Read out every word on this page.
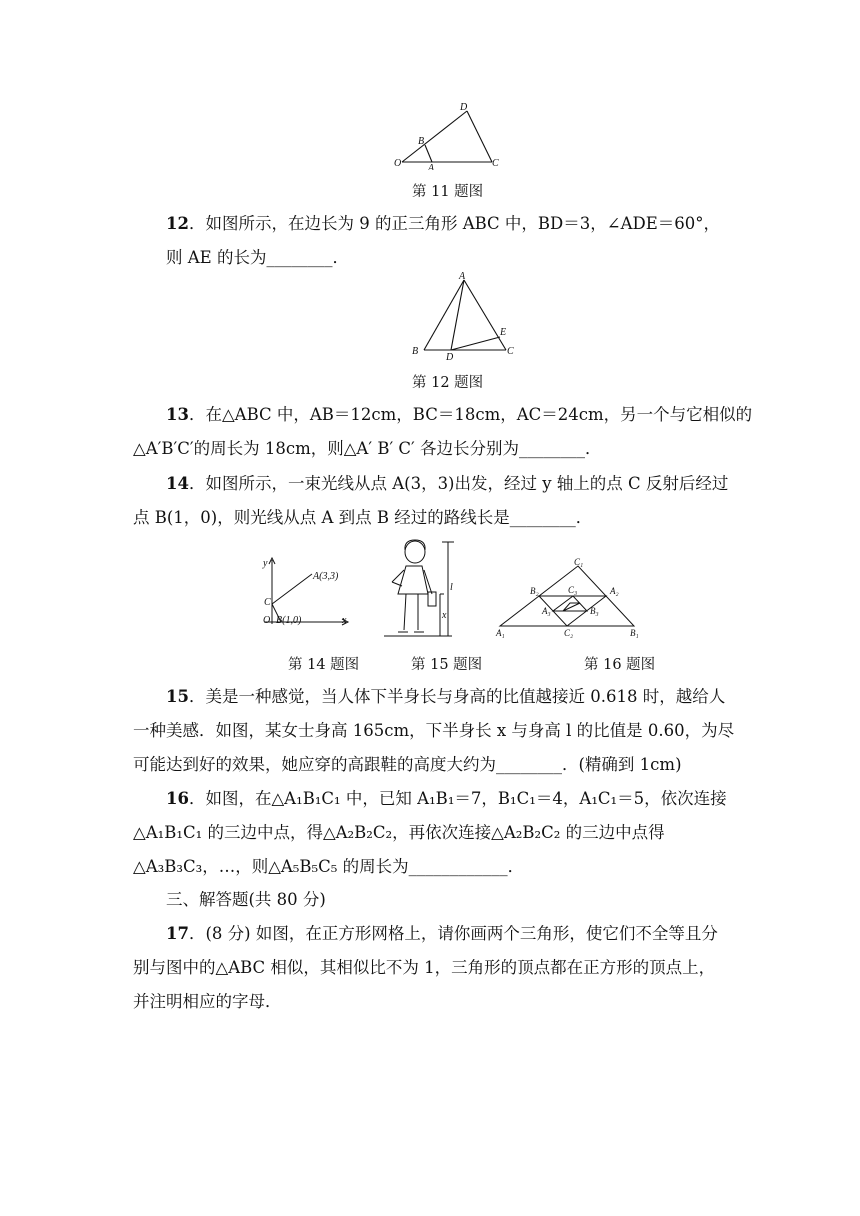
D
B
O	A	C
第 11 题图
12．如图所示，在边长为 9 的正三角形 ABC 中，BD＝3，∠ADE＝60°，
则 AE 的长为________．
A
E
B
D
C
第 12 题图
13．在△ABC 中，AB＝12cm，BC＝18cm，AC＝24cm，另一个与它相似的
△A′B′C′的周长为 18cm，则△A′ B′ C′ 各边长分别为________．
14．如图所示，一束光线从点 A(3，3)出发，经过 y 轴上的点 C 反射后经过
点 B(1，0)，则光线从点 A 到点 B 经过的路线长是________．
y
A(3,3)
C
O B(1,0)	x
l
x
C₁
B₂	C₃	A₂
A₃	B₃
A₁	C₂	B₁
第 14 题图	第 15 题图	第 16 题图
15．美是一种感觉，当人体下半身长与身高的比值越接近 0.618 时，越给人
一种美感．如图，某女士身高 165cm，下半身长 x 与身高 l 的比值是 0.60，为尽
可能达到好的效果，她应穿的高跟鞋的高度大约为________．(精确到 1cm)
16．如图，在△A₁B₁C₁ 中，已知 A₁B₁＝7，B₁C₁＝4，A₁C₁＝5，依次连接
△A₁B₁C₁ 的三边中点，得△A₂B₂C₂，再依次连接△A₂B₂C₂ 的三边中点得
△A₃B₃C₃，…，则△A₅B₅C₅ 的周长为____________．
三、解答题(共 80 分)
17．(8 分) 如图，在正方形网格上，请你画两个三角形，使它们不全等且分
别与图中的△ABC 相似，其相似比不为 1，三角形的顶点都在正方形的顶点上，
并注明相应的字母．
